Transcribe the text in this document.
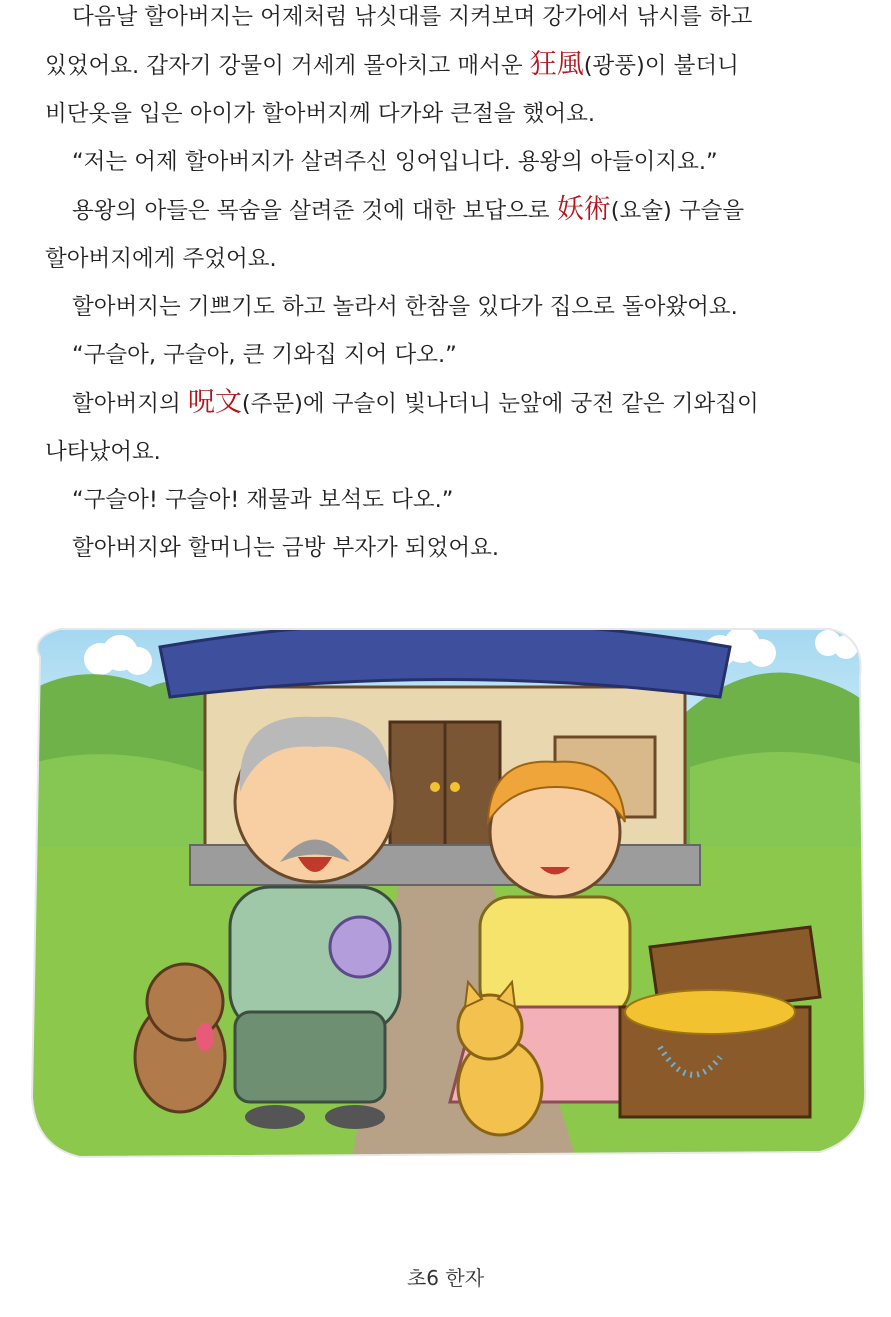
다음날 할아버지는 어제처럼 낚싯대를 지켜보며 강가에서 낚시를 하고
있었어요. 갑자기 강물이 거세게 몰아치고 매서운 狂風(광풍)이 불더니
비단옷을 입은 아이가 할아버지께 다가와 큰절을 했어요.

“저는 어제 할아버지가 살려주신 잉어입니다. 용왕의 아들이지요.”

용왕의 아들은 목숨을 살려준 것에 대한 보답으로 妖術(요술) 구슬을
할아버지에게 주었어요.

할아버지는 기쁘기도 하고 놀라서 한참을 있다가 집으로 돌아왔어요.

“구슬아, 구슬아, 큰 기와집 지어 다오.”

할아버지의 呪文(주문)에 구슬이 빛나더니 눈앞에 궁전 같은 기와집이
나타났어요.

“구슬아! 구슬아! 재물과 보석도 다오.”

할아버지와 할머니는 금방 부자가 되었어요.

초6 한자
